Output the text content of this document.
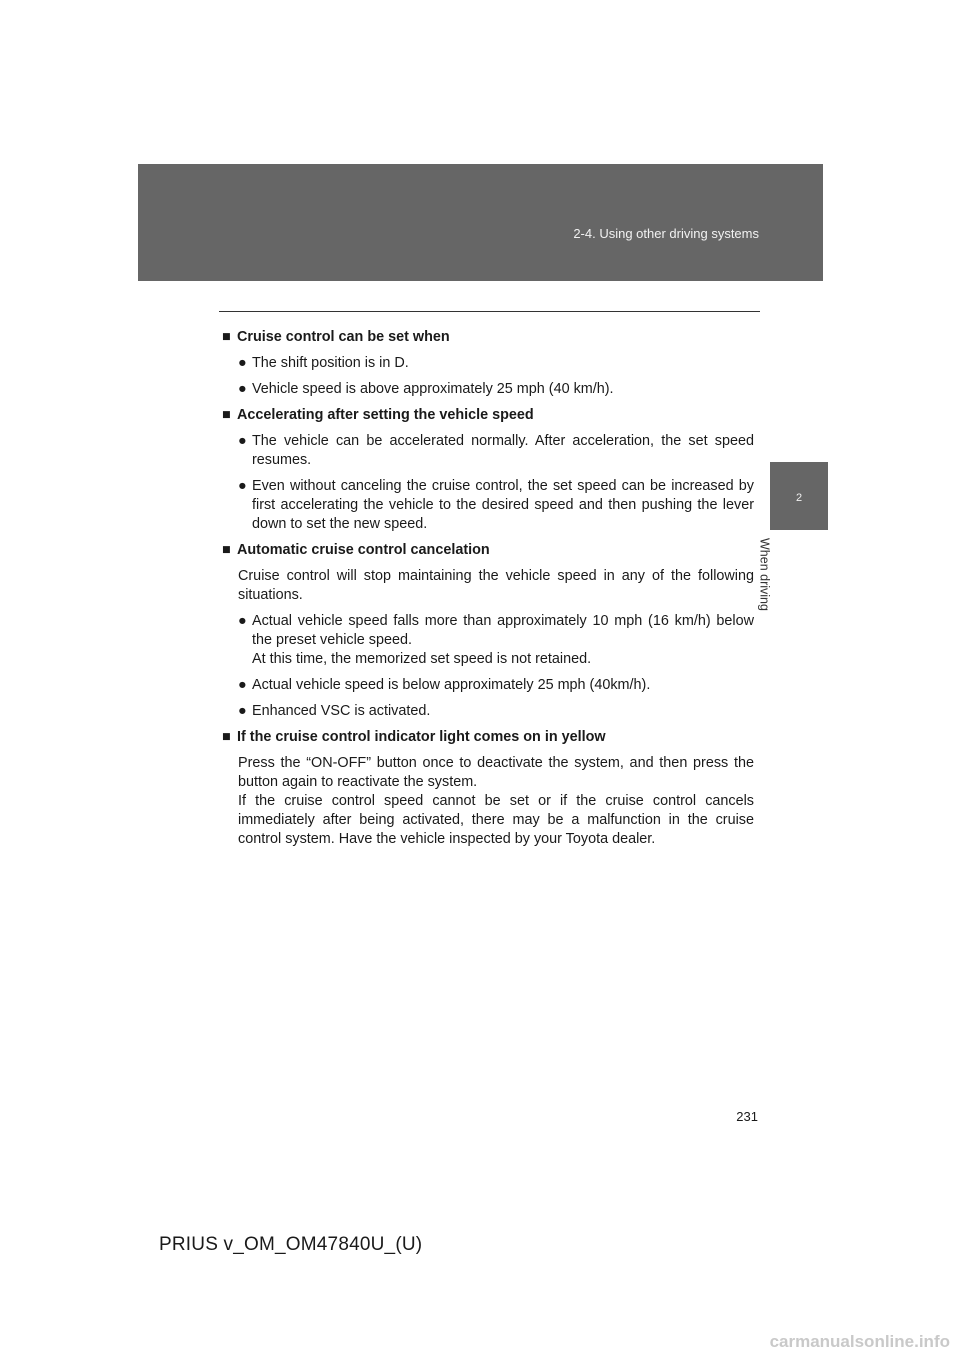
2-4. Using other driving systems
2
When driving
■ Cruise control can be set when
● The shift position is in D.
● Vehicle speed is above approximately 25 mph (40 km/h).
■ Accelerating after setting the vehicle speed
● The vehicle can be accelerated normally. After acceleration, the set speed resumes.
● Even without canceling the cruise control, the set speed can be increased by first accelerating the vehicle to the desired speed and then pushing the lever down to set the new speed.
■ Automatic cruise control cancelation
Cruise control will stop maintaining the vehicle speed in any of the following situations.
● Actual vehicle speed falls more than approximately 10 mph (16 km/h) below the preset vehicle speed.
At this time, the memorized set speed is not retained.
● Actual vehicle speed is below approximately 25 mph (40km/h).
● Enhanced VSC is activated.
■ If the cruise control indicator light comes on in yellow
Press the “ON-OFF” button once to deactivate the system, and then press the button again to reactivate the system.
If the cruise control speed cannot be set or if the cruise control cancels immediately after being activated, there may be a malfunction in the cruise control system. Have the vehicle inspected by your Toyota dealer.
231
PRIUS v_OM_OM47840U_(U)
carmanualsonline.info
